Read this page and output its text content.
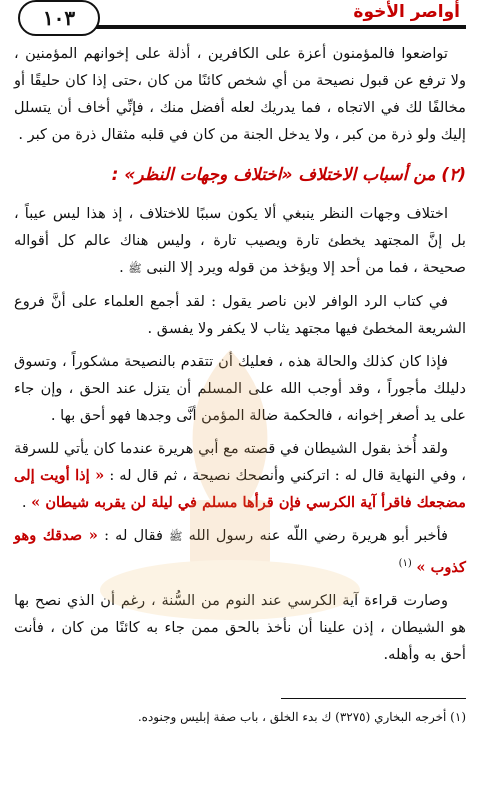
أواصر الأخوة
١٠٣

تواضعوا فالمؤمنون أعزة على الكافرين ، أذلة على إخوانهم المؤمنين ، ولا ترفع عن قبول نصيحة من أي شخص كائنًا من كان ،حتى إذا كان حليقًا أو مخالفًا لك في الاتجاه ، فما يدريك لعله أفضل منك ، فإنِّي أخاف أن يتسلل إليك ولو ذرة من كبر ، ولا يدخل الجنة من كان في قلبه مثقال ذرة من كبر .

(٢) من أسباب الاختلاف «اختلاف وجهات النظر» :

اختلاف وجهات النظر ينبغي ألا يكون سببًا للاختلاف ، إذ هذا ليس عيباً ، بل إنَّ المجتهد يخطئ تارة ويصيب تارة ، وليس هناك عالم كل أقواله صحيحة ، فما من أحد إلا ويؤخذ من قوله ويرد إلا النبى ﷺ .

في كتاب الرد الوافر لابن ناصر يقول : لقد أجمع العلماء على أنَّ فروع الشريعة المخطئ فيها مجتهد يثاب لا يكفر ولا يفسق .

فإذا كان كذلك والحالة هذه ، فعليك أن تتقدم بالنصيحة مشكوراً ، وتسوق دليلك مأجوراً ، وقد أوجب الله على المسلم أن يتزل عند الحق ، وإن جاء على يد أصغر إخوانه ، فالحكمة ضالة المؤمن أنَّى وجدها فهو أحق بها .

ولقد أُخذ بقول الشيطان في قصته مع أبي هريرة عندما كان يأتي للسرقة ، وفي النهاية قال له : اتركني وأنصحك نصيحة ، ثم قال له : « إذا أويت إلى مضجعك فاقرأ آية الكرسي فإن قرأها مسلم في ليلة لن يقربه شيطان » .

فأخبر أبو هريرة رضي اللّه عنه رسول الله ﷺ فقال له : « صدقك وهو كذوب » $^{(١)}$

وصارت قراءة آية الكرسي عند النوم من السُّنة ، رغم أن الذي نصح بها هو الشيطان ، إذن علينا أن نأخذ بالحق ممن جاء به كائنًا من كان ، فأنت أحق به وأهله.

(١) أخرجه البخاري (٣٢٧٥) ك بدء الخلق ، باب صفة إبليس وجنوده.
